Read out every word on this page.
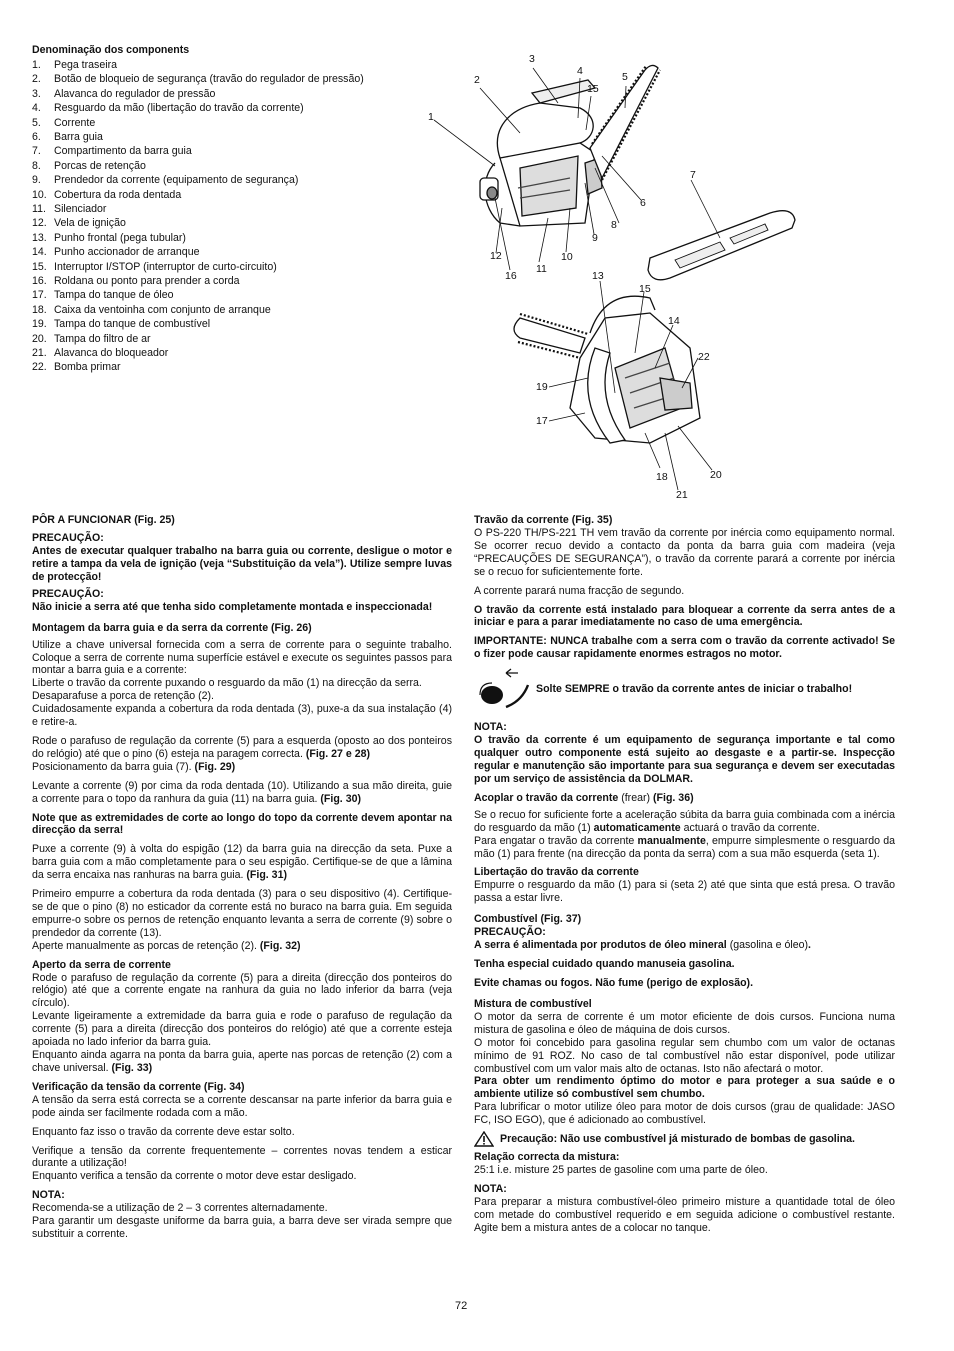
Denominação dos components
1. Pega traseira
2. Botão de bloqueio de segurança (travão do regulador de pressão)
3. Alavanca do regulador de pressão
4. Resguardo da mão (libertação do travão da corrente)
5. Corrente
6. Barra guia
7. Compartimento da barra guia
8. Porcas de retenção
9. Prendedor da corrente (equipamento de segurança)
10. Cobertura da roda dentada
11. Silenciador
12. Vela de ignição
13. Punho frontal (pega tubular)
14. Punho accionador de arranque
15. Interruptor I/STOP (interruptor de curto-circuito)
16. Roldana ou ponto para prender a corda
17. Tampa do tanque de óleo
18. Caixa da ventoinha com conjunto de arranque
19. Tampa do tanque de combustível
20. Tampa do filtro de ar
21. Alavanca do bloqueador
22. Bomba primar
1
2
3
4
15
5
7
6
8
9
10
11
12
16	13
15
14
22
19
17
18	20
21
PÔR A FUNCIONAR (Fig. 25)
PRECAUÇÃO:

Antes de executar qualquer trabalho na barra guia ou corrente, desligue o motor e retire a tampa da vela de ignição (veja “Substituição da vela”). Utilize sempre luvas de protecção!

PRECAUÇÃO:

Não inicie a serra até que tenha sido completamente montada e inspeccionada!

Montagem da barra guia e da serra da corrente (Fig. 26)

Utilize a chave universal fornecida com a serra de corrente para o seguinte trabalho. Coloque a serra de corrente numa superfície estável e execute os seguintes passos para montar a barra guia e a corrente:

Liberte o travão da corrente puxando o resguardo da mão (1) na direcção da serra.

Desaparafuse a porca de retenção (2).

Cuidadosamente expanda a cobertura da roda dentada (3), puxe-a da sua instalação (4) e retire-a.

Rode o parafuso de regulação da corrente (5) para a esquerda (oposto ao dos ponteiros do relógio) até que o pino (6) esteja na paragem correcta. (Fig. 27 e 28)

Posicionamento da barra guia (7). (Fig. 29)

Levante a corrente (9) por cima da roda dentada (10). Utilizando a sua mão direita, guie a corrente para o topo da ranhura da guia (11) na barra guia. (Fig. 30)

Note que as extremidades de corte ao longo do topo da corrente devem apontar na direcção da serra!

Puxe a corrente (9) à volta do espigão (12) da barra guia na direcção da seta. Puxe a barra guia com a mão completamente para o seu espigão. Certifique-se de que a lâmina da serra encaixa nas ranhuras na barra guia. (Fig. 31)

Primeiro empurre a cobertura da roda dentada (3) para o seu dispositivo (4). Certifique-se de que o pino (8) no esticador da corrente está no buraco na barra guia. Em seguida empurre-o sobre os pernos de retenção enquanto levanta a serra de corrente (9) sobre o prendedor da corrente (13).

Aperte manualmente as porcas de retenção (2). (Fig. 32)

Aperto da serra de corrente

Rode o parafuso de regulação da corrente (5) para a direita (direcção dos ponteiros do relógio) até que a corrente engate na ranhura da guia no lado inferior da barra (veja círculo).

Levante ligeiramente a extremidade da barra guia e rode o parafuso de regulação da corrente (5) para a direita (direcção dos ponteiros do relógio) até que a corrente esteja apoiada no lado inferior da barra guia.

Enquanto ainda agarra na ponta da barra guia, aperte nas porcas de retenção (2) com a chave universal. (Fig. 33)

Verificação da tensão da corrente (Fig. 34)

A tensão da serra está correcta se a corrente descansar na parte inferior da barra guia e pode ainda ser facilmente rodada com a mão.

Enquanto faz isso o travão da corrente deve estar solto.

Verifique a tensão da corrente frequentemente – correntes novas tendem a esticar durante a utilização!

Enquanto verifica a tensão da corrente o motor deve estar desligado.

NOTA:

Recomenda-se a utilização de 2 – 3 correntes alternadamente.

Para garantir um desgaste uniforme da barra guia, a barra deve ser virada sempre que substituir a corrente.

Travão da corrente (Fig. 35)

O PS-220 TH/PS-221 TH vem travão da corrente por inércia como equipamento normal. Se ocorrer recuo devido a contacto da ponta da barra guia com madeira (veja “PRECAUÇÕES DE SEGURANÇA”), o travão da corrente parará a corrente por inércia se o recuo for suficientemente forte.

A corrente parará numa fracção de segundo.

O travão da corrente está instalado para bloquear a corrente da serra antes de a iniciar e para a parar imediatamente no caso de uma emergência.

IMPORTANTE: NUNCA trabalhe com a serra com o travão da corrente activado! Se o fizer pode causar rapidamente enormes estragos no motor.

Solte SEMPRE o travão da corrente antes de iniciar o trabalho!
NOTA:

O travão da corrente é um equipamento de segurança importante e tal como qualquer outro componente está sujeito ao desgaste e a partir-se. Inspecção regular e manutenção são importante para sua segurança e devem ser executadas por um serviço de assistência da DOLMAR.

Acoplar o travão da corrente (frear) (Fig. 36)

Se o recuo for suficiente forte a aceleração súbita da barra guia combinada com a inércia do resguardo da mão (1) automaticamente actuará o travão da corrente.

Para engatar o travão da corrente manualmente, empurre simplesmente o resguardo da mão (1) para frente (na direcção da ponta da serra) com a sua mão esquerda (seta 1).

Libertação do travão da corrente

Empurre o resguardo da mão (1) para si (seta 2) até que sinta que está presa. O travão passa a estar livre.

Combustível (Fig. 37)
PRECAUÇÃO:

A serra é alimentada por produtos de óleo mineral (gasolina e óleo).

Tenha especial cuidado quando manuseia gasolina.

Evite chamas ou fogos. Não fume (perigo de explosão).

Mistura de combustível

O motor da serra de corrente é um motor eficiente de dois cursos. Funciona numa mistura de gasolina e óleo de máquina de dois cursos.

O motor foi concebido para gasolina regular sem chumbo com um valor de octanas mínimo de 91 ROZ. No caso de tal combustível não estar disponível, pode utilizar combustível com um valor mais alto de octanas. Isto não afectará o motor.

Para obter um rendimento óptimo do motor e para proteger a sua saúde e o ambiente utilize só combustível sem chumbo.

Para lubrificar o motor utilize óleo para motor de dois cursos (grau de qualidade: JASO FC, ISO EGO), que é adicionado ao combustível.

Precaução: Não use combustível já misturado de bombas de gasolina.
Relação correcta da mistura:

25:1 i.e. misture 25 partes de gasoline com uma parte de óleo.

NOTA:

Para preparar a mistura combustível-óleo primeiro misture a quantidade total de óleo com metade do combustível requerido e em seguida adicione o combustível restante. Agite bem a mistura antes de a colocar no tanque.

72
